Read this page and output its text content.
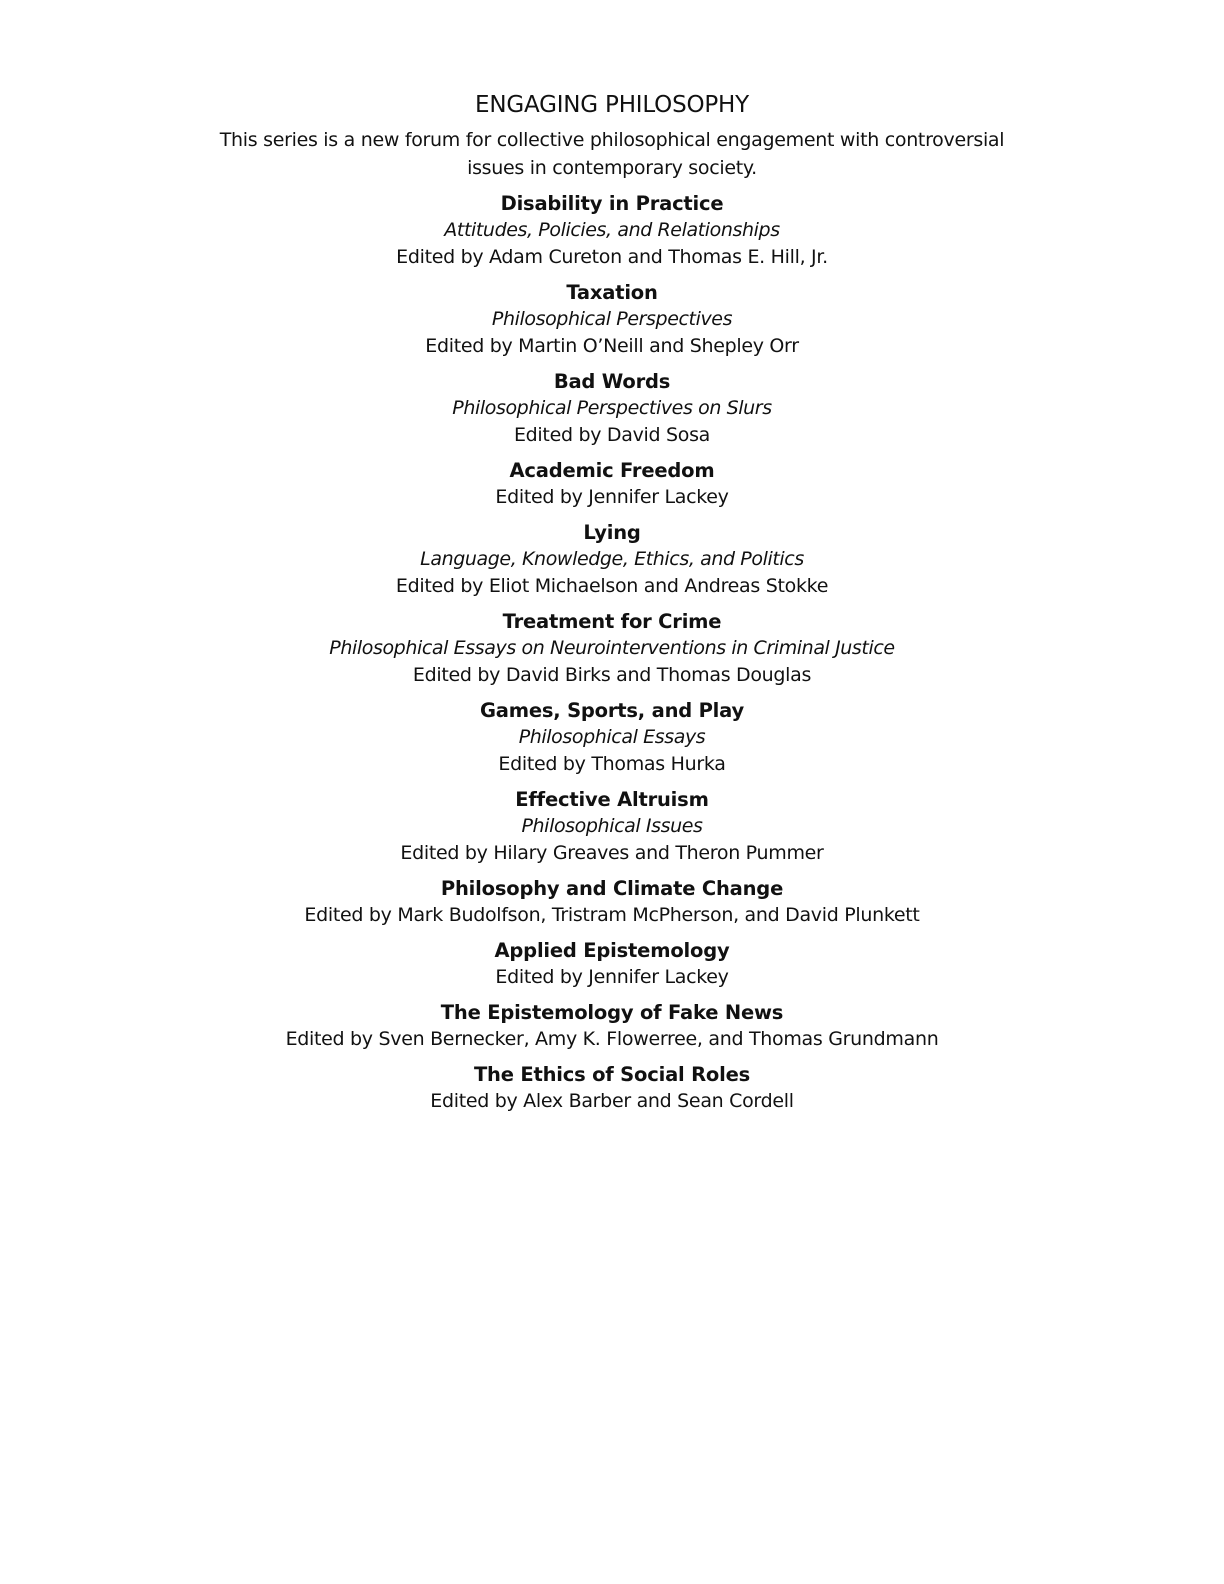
ENGAGING PHILOSOPHY
This series is a new forum for collective philosophical engagement with controversial issues in contemporary society.
Disability in Practice
Attitudes, Policies, and Relationships
Edited by Adam Cureton and Thomas E. Hill, Jr.
Taxation
Philosophical Perspectives
Edited by Martin O’Neill and Shepley Orr
Bad Words
Philosophical Perspectives on Slurs
Edited by David Sosa
Academic Freedom
Edited by Jennifer Lackey
Lying
Language, Knowledge, Ethics, and Politics
Edited by Eliot Michaelson and Andreas Stokke
Treatment for Crime
Philosophical Essays on Neurointerventions in Criminal Justice
Edited by David Birks and Thomas Douglas
Games, Sports, and Play
Philosophical Essays
Edited by Thomas Hurka
Effective Altruism
Philosophical Issues
Edited by Hilary Greaves and Theron Pummer
Philosophy and Climate Change
Edited by Mark Budolfson, Tristram McPherson, and David Plunkett
Applied Epistemology
Edited by Jennifer Lackey
The Epistemology of Fake News
Edited by Sven Bernecker, Amy K. Flowerree, and Thomas Grundmann
The Ethics of Social Roles
Edited by Alex Barber and Sean Cordell
